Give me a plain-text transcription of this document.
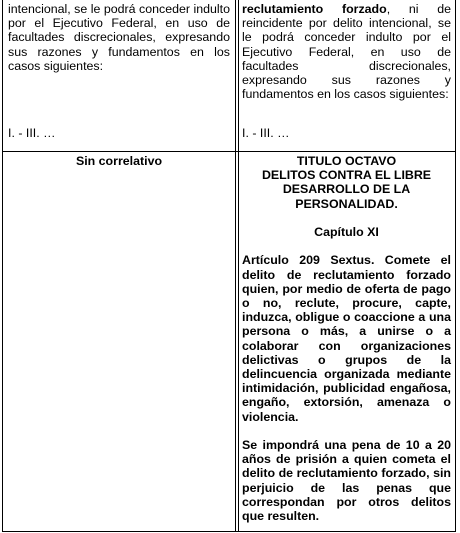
intencional, se le podrá conceder indulto por el Ejecutivo Federal, en uso de facultades discrecionales, expresando sus razones y fundamentos en los casos siguientes:

I. - III. …

reclutamiento forzado, ni de reincidente por delito intencional, se le podrá conceder indulto por el Ejecutivo Federal, en uso de facultades discrecionales, expresando sus razones y fundamentos en los casos siguientes:

I. - III. …

Sin correlativo	TITULO OCTAVO

DELITOS CONTRA EL LIBRE DESARROLLO DE LA PERSONALIDAD.

Capítulo XI

Artículo 209 Sextus. Comete el delito de reclutamiento forzado quien, por medio de oferta de pago o no, reclute, procure, capte, induzca, obligue o coaccione a una persona o más, a unirse o a colaborar con organizaciones delictivas o grupos de la delincuencia organizada mediante intimidación, publicidad engañosa, engaño, extorsión, amenaza o violencia.

Se impondrá una pena de 10 a 20 años de prisión a quien cometa el delito de reclutamiento forzado, sin perjuicio de las penas que correspondan por otros delitos que resulten.
